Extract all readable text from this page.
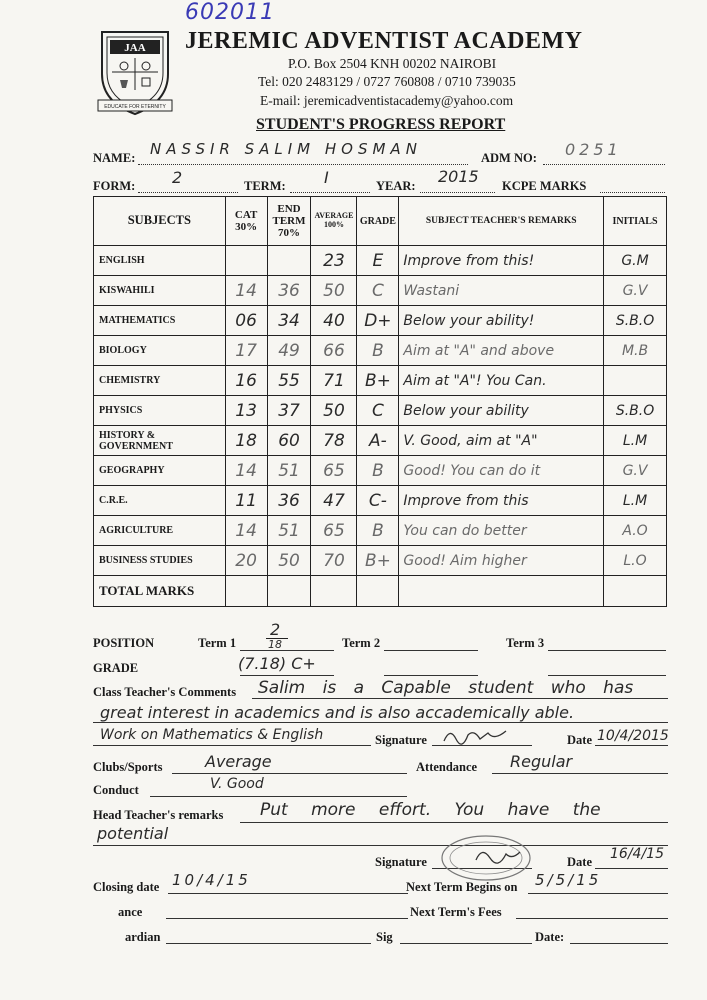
602011
JAA
EDUCATE FOR ETERNITY
JEREMIC ADVENTIST ACADEMY
P.O. Box 2504 KNH 00202 NAIROBI
Tel: 020 2483129 / 0727 760808 / 0710 739035
E-mail: jeremicadventistacademy@yahoo.com
STUDENT'S PROGRESS REPORT
NAME: NASSIR SALIM HOSMAN	ADM NO: 0251
FORM: 2	TERM: I	YEAR: 2015 KCPE MARKS
SUBJECTS	CAT 30%	END TERM 70%	AVERAGE 100%	GRADE	SUBJECT TEACHER'S REMARKS	INITIALS
ENGLISH			23	E	Improve from this!	G.M
KISWAHILI	14	36	50	C	Wastani	G.V
MATHEMATICS	06	34	40	D+	Below your ability!	S.B.O
BIOLOGY	17	49	66	B	Aim at "A" and above	M.B
CHEMISTRY	16	55	71	B+	Aim at "A"! You Can.	
PHYSICS	13	37	50	C	Below your ability	S.B.O
HISTORY & GOVERNMENT	18	60	78	A-	V. Good, aim at "A"	L.M
GEOGRAPHY	14	51	65	B	Good! You can do it	G.V
C.R.E.	11	36	47	C-	Improve from this	L.M
AGRICULTURE	14	51	65	B	You can do better	A.O
BUSINESS STUDIES	20	50	70	B+	Good! Aim higher	L.O
TOTAL MARKS						
POSITION	Term 1
2
18	Term 2	Term 3
GRADE	(7.18) C+
Class Teacher's Comments Salim is a Capable student who has
great interest in academics and is also accademically able.
Work on Mathematics & English	Signature	Date 10/4/2015
Clubs/Sports	Average	Attendance Regular
Conduct	V. Good
Head Teacher's remarks Put more effort. You have the
potential
Signature	Date 16/4/15
Closing date 10/4/15	Next Term Begins on 5/5/15
ance	Next Term's Fees
ardian	Sig	Date:
